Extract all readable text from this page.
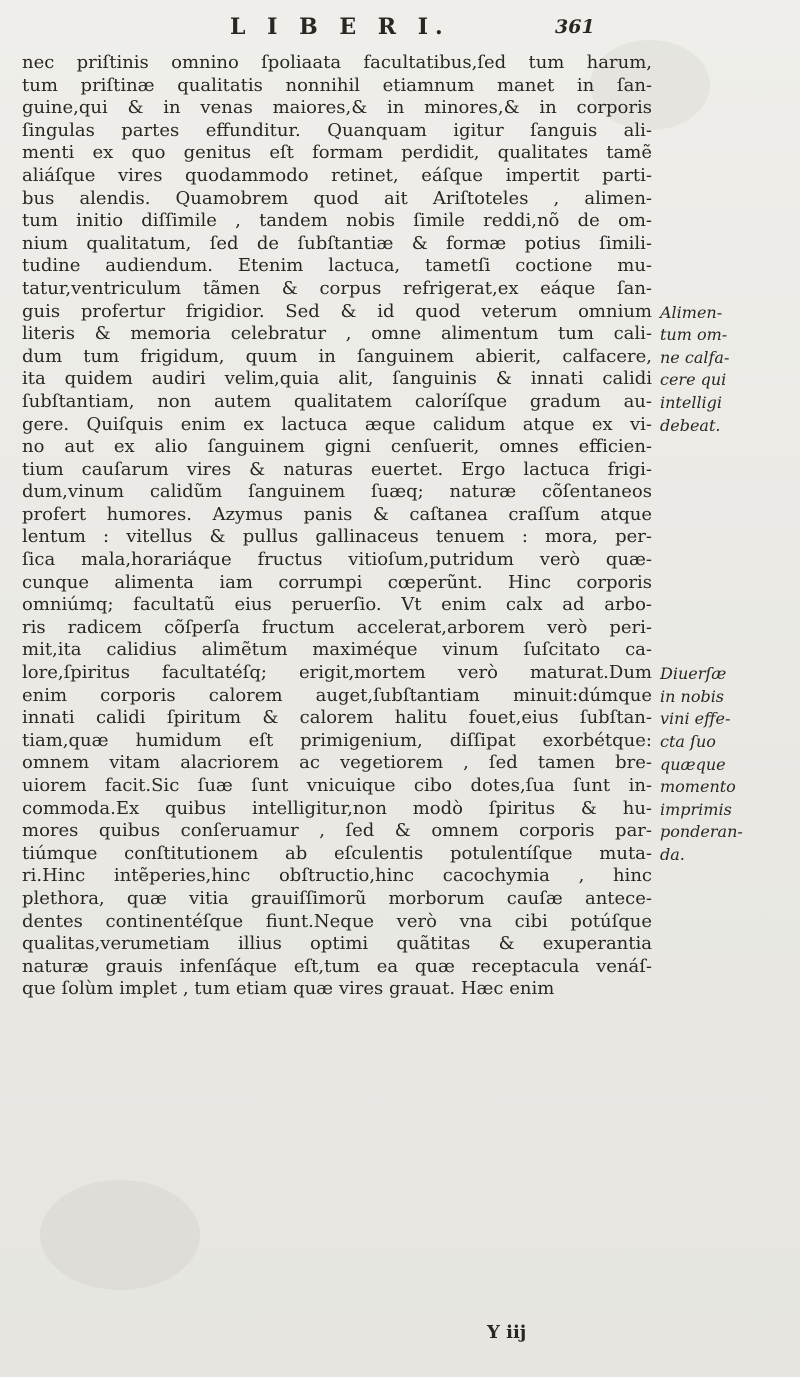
L I B E R I.	361
nec priſtinis omnino ſpoliaata facultatibus,ſed tum harum,
tum priſtinæ qualitatis nonnihil etiamnum manet in ſan-
guine,qui & in venas maiores,& in minores,& in corporis
ſingulas partes effunditur. Quanquam igitur ſanguis ali-
menti ex quo genitus eſt formam perdidit, qualitates tamẽ
aliáſque vires quodammodo retinet, eáſque impertit parti-
bus alendis. Quamobrem quod ait Ariſtoteles , alimen-
tum initio diſſimile , tandem nobis ſimile reddi,nõ de om-
nium qualitatum, ſed de ſubſtantiæ & formæ potius ſimili-
tudine audiendum. Etenim lactuca, tametſi coctione mu-
tatur,ventriculum tãmen & corpus refrigerat,ex eáque ſan-
guis profertur frigidior. Sed & id quod veterum omnium
literis & memoria celebratur , omne alimentum tum cali-
dum tum frigidum, quum in ſanguinem abierit, calfacere,
ita quidem audiri velim,quia alit, ſanguinis & innati calidi
ſubſtantiam, non autem qualitatem caloríſque gradum au-
gere. Quiſquis enim ex lactuca æque calidum atque ex vi-
no aut ex alio ſanguinem gigni cenſuerit, omnes efficien-
tium cauſarum vires & naturas euertet. Ergo lactuca frigi-
dum,vinum calidũm ſanguinem ſuæq; naturæ cõſentaneos
profert humores. Azymus panis & caſtanea craſſum atque
lentum : vitellus & pullus gallinaceus tenuem : mora, per-
ſica mala,horariáque fructus vitioſum,putridum verò quæ-
cunque alimenta iam corrumpi cœperũnt. Hinc corporis
omniúmq; facultatũ eius peruerſio. Vt enim calx ad arbo-
ris radicem cõſperſa fructum accelerat,arborem verò peri-
mit,ita calidius alimẽtum maximéque vinum ſuſcitato ca-
lore,ſpiritus facultatéſq; erigit,mortem verò maturat.Dum
enim corporis calorem auget,ſubſtantiam minuit:dúmque
innati calidi ſpiritum & calorem halitu fouet,eius ſubſtan-
tiam,quæ humidum eſt primigenium, diſſipat exorbétque:
omnem vitam alacriorem ac vegetiorem , ſed tamen bre-
uiorem facit.Sic ſuæ ſunt vnicuique cibo dotes,ſua ſunt in-
commoda.Ex quibus intelligitur,non modò ſpiritus & hu-
mores quibus conſeruamur , ſed & omnem corporis par-
tiúmque conſtitutionem ab eſculentis potulentíſque muta-
ri.Hinc intẽperies,hinc obſtructio,hinc cacochymia , hinc
plethora, quæ vitia grauiſſimorũ morborum cauſæ antece-
dentes continentéſque fiunt.Neque verò vna cibi potúſque
qualitas,verumetiam illius optimi quãtitas & exuperantia
naturæ grauis infenſáque eſt,tum ea quæ receptacula venáſ-
que ſolùm implet , tum etiam quæ vires grauat. Hæc enim
Alimen-
tum om-
ne calfa-
cere qui
intelligi
debeat.
Diuerſæ
in nobis
vini effe-
cta ſuo
quæque
momento
imprimis
ponderan-
da.
Y iij
